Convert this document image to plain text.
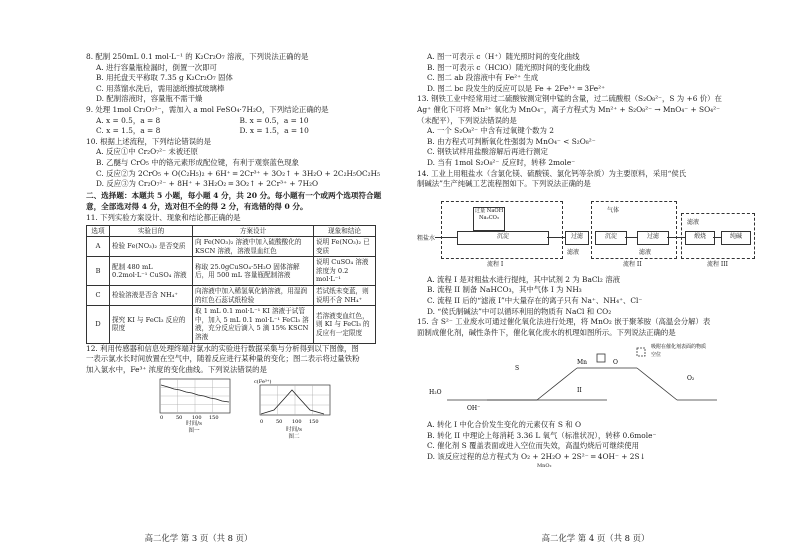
8. 配制 250mL 0.1 mol·L⁻¹ 的 K₂Cr₂O₇ 溶液，下列说法正确的是

A. 进行容量瓶检漏时，倒置一次即可

B. 用托盘天平称取 7.35 g K₂Cr₂O₇ 固体

C. 用蒸馏水洗后，需用滤纸擦拭玻璃棒

D. 配制溶液时，容量瓶不需干燥

9. 处理 1mol Cr₂O₇²⁻，需加入 a mol FeSO₄·7H₂O，下列结论正确的是

A. x = 0.5，a = 8	B. x = 0.5，a = 10
C. x = 1.5，a = 8	D. x = 1.5，a = 10

10. 根据上述流程，下列结论错误的是

A. 反应①中 Cr₂O₇²⁻ 未被还原

B. 乙醚与 CrO₅ 中的铬元素形成配位键，有利于观察蓝色现象

C. 反应②为 2CrO₅ + O(C₂H₅)₂ + 6H⁺ ═ 2Cr³⁺ + 3O₂↑ + 3H₂O + 2C₂H₅OC₂H₅

D. 反应③为 Cr₂O₇²⁻ + 8H⁺ + 3H₂O₂ ═ 3O₂↑ + 2Cr³⁺ + 7H₂O

二、选择题：本题共 5 小题，每小题 4 分，共 20 分。每小题有一个或两个选项符合题

意，全部选对得 4 分，选对但不全的得 2 分，有选错的得 0 分。

11. 下列实验方案设计、现象和结论都正确的是

选项	实验目的	方案设计	现象和结论
A	检验 Fe(NO₃)₂ 是否变质	向 Fe(NO₃)₂ 溶液中加入硫酸酸化的 KSCN 溶液，溶液显血红色	说明 Fe(NO₃)₂ 已变质
B	配制 480 mL 0.2mol·L⁻¹ CuSO₄ 溶液	称取 25.0gCuSO₄·5H₂O 固体溶解后，用 500 mL 容量瓶配制溶液	说明 CuSO₄ 溶液浓度为 0.2 mol·L⁻¹
C	检验溶液是否含 NH₄⁺	向溶液中加入稀氢氧化钠溶液，用湿润的红色石蕊试纸检验	若试纸未变蓝，则说明不含 NH₄⁺
D	探究 KI 与 FeCl₃ 反应的限度	取 1 mL 0.1 mol·L⁻¹ KI 溶液于试管中，加入 5 mL 0.1 mol·L⁻¹ FeCl₃ 溶液，充分反应后滴入 5 滴 15% KSCN 溶液	若溶液变血红色，则 KI 与 FeCl₃ 的反应有一定限度

12. 利用传感器和信息处理终端对氯水的实验进行数据采集与分析得到以下图像，图

一表示氯水长时间放置在空气中，随着反应进行某种量的变化；图二表示将过量铁粉

加入氯水中，Fe³⁺ 浓度的变化曲线。下列说法错误的是

0	50 100 150
时间/s
图一
c(Fe³⁺)
0	50 100 150
时间/s
图二
高二化学 第 3 页（共 8 页）

A. 图一可表示 c（H⁺）随光照时间的变化曲线

B. 图一可表示 c（HClO）随光照时间的变化曲线

C. 图二 ab 段溶液中有 Fe²⁺ 生成

D. 图二 bc 段发生的反应可以是 Fe + 2Fe³⁺ ═ 3Fe²⁺

13. 钢铁工业中经常用过二硫酸铵测定钢中锰的含量，过二硫酸根（S₂O₈²⁻，S 为 +6 价）在

Ag⁺ 催化下可将 Mn²⁺ 氧化为 MnO₄⁻，离子方程式为 Mn²⁺ + S₂O₈²⁻ → MnO₄⁻ + SO₄²⁻

（未配平），下列说法错误的是

A. 一个 S₂O₈²⁻ 中含有过氧键个数为 2

B. 由方程式可判断氧化性强弱为 MnO₄⁻ < S₂O₈²⁻

C. 钢铁试样用盐酸溶解后再进行测定

D. 当有 1mol S₂O₈²⁻ 反应时，转移 2mole⁻

14. 工业上用粗盐水（含氯化镁、硫酸镁、氯化钙等杂质）为主要原料，采用“侯氏

制碱法”生产纯碱工艺流程图如下。下列说法正确的是

粗盐水
过量 NaOH Na₂CO₃
沉淀	过滤
气体
沉淀	过滤	煅烧	纯碱
滤液	滤液
滤液
流程 I	流程 II	流程 III

A. 流程 I 是对粗盐水进行提纯，其中试剂 2 为 BaCl₂ 溶液

B. 流程 II 制备 NaHCO₃，其中气体 I 为 NH₃

C. 流程 II 后的“滤液 I”中大量存在的离子只有 Na⁺、NH₄⁺、Cl⁻

D. “侯氏制碱法”中可以循环利用的物质有 NaCl 和 CO₂

15. 含 S²⁻ 工业废水可通过催化氧化法进行处理，将 MnO₂ 嵌于聚苯胺（高温会分解）表

面制成催化剂，碱性条件下，催化氧化废水的机理如图所示。下列说法正确的是

H₂O
S
Mn	O
II
O₂
OH⁻
吸附在催化剂表面的物质
空位

A. 转化 I 中化合价发生变化的元素仅有 S 和 O

B. 转化 II 中理论上每消耗 3.36 L 氧气（标准状况），转移 0.6mole⁻

C. 催化剂 S 覆盖表面或进入空位而失效，高温灼烧后可继续使用

D. 该反应过程的总方程式为 O₂ + 2H₂O + 2S²⁻ ═ 4OH⁻ + 2S↓

MnO₂

高二化学 第 4 页（共 8 页）
